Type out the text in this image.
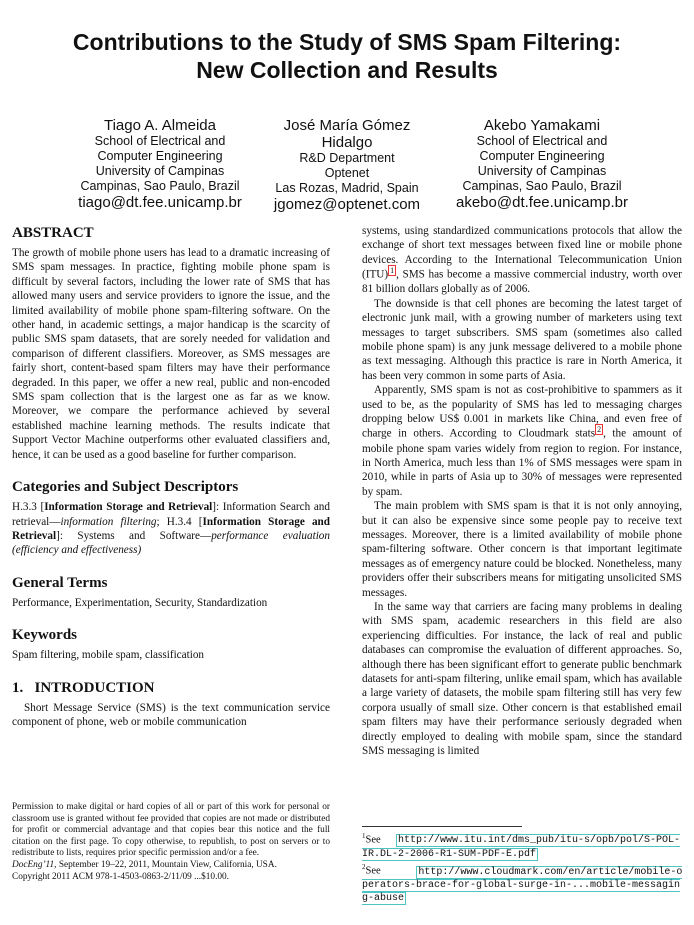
Contributions to the Study of SMS Spam Filtering:
New Collection and Results
Tiago A. Almeida
School of Electrical and
Computer Engineering
University of Campinas
Campinas, Sao Paulo, Brazil
tiago@dt.fee.unicamp.br
José María Gómez Hidalgo
R&D Department
Optenet
Las Rozas, Madrid, Spain
jgomez@optenet.com
Akebo Yamakami
School of Electrical and
Computer Engineering
University of Campinas
Campinas, Sao Paulo, Brazil
akebo@dt.fee.unicamp.br
ABSTRACT

The growth of mobile phone users has lead to a dramatic increasing of SMS spam messages. In practice, fighting mobile phone spam is difficult by several factors, including the lower rate of SMS that has allowed many users and service providers to ignore the issue, and the limited availability of mobile phone spam-filtering software. On the other hand, in academic settings, a major handicap is the scarcity of public SMS spam datasets, that are sorely needed for validation and comparison of different classifiers. Moreover, as SMS messages are fairly short, content-based spam filters may have their performance degraded. In this paper, we offer a new real, public and non-encoded SMS spam collection that is the largest one as far as we know. Moreover, we compare the performance achieved by several established machine learning methods. The results indicate that Support Vector Machine outperforms other evaluated classifiers and, hence, it can be used as a good baseline for further comparison.

Categories and Subject Descriptors

H.3.3 [Information Storage and Retrieval]: Information Search and retrieval—information filtering; H.3.4 [Information Storage and Retrieval]: Systems and Software—performance evaluation (efficiency and effectiveness)

General Terms

Performance, Experimentation, Security, Standardization

Keywords

Spam filtering, mobile spam, classification

1.   INTRODUCTION

Short Message Service (SMS) is the text communication service component of phone, web or mobile communication

Permission to make digital or hard copies of all or part of this work for personal or classroom use is granted without fee provided that copies are not made or distributed for profit or commercial advantage and that copies bear this notice and the full citation on the first page. To copy otherwise, to republish, to post on servers or to redistribute to lists, requires prior specific permission and/or a fee.

DocEng’11, September 19–22, 2011, Mountain View, California, USA.
Copyright 2011 ACM 978-1-4503-0863-2/11/09 ...$10.00.

systems, using standardized communications protocols that allow the exchange of short text messages between fixed line or mobile phone devices. According to the International Telecommunication Union (ITU) $^1$ , SMS has become a massive commercial industry, worth over 81 billion dollars globally as of 2006.

The downside is that cell phones are becoming the latest target of electronic junk mail, with a growing number of marketers using text messages to target subscribers. SMS spam (sometimes also called mobile phone spam) is any junk message delivered to a mobile phone as text messaging. Although this practice is rare in North America, it has been very common in some parts of Asia.

Apparently, SMS spam is not as cost-prohibitive to spammers as it used to be, as the popularity of SMS has led to messaging charges dropping below US$ 0.001 in markets like China, and even free of charge in others. According to Cloudmark stats $^2$ , the amount of mobile phone spam varies widely from region to region. For instance, in North America, much less than 1% of SMS messages were spam in 2010, while in parts of Asia up to 30% of messages were represented by spam.

The main problem with SMS spam is that it is not only annoying, but it can also be expensive since some people pay to receive text messages. Moreover, there is a limited availability of mobile phone spam-filtering software. Other concern is that important legitimate messages as of emergency nature could be blocked. Nonetheless, many providers offer their subscribers means for mitigating unsolicited SMS messages.

In the same way that carriers are facing many problems in dealing with SMS spam, academic researchers in this field are also experiencing difficulties. For instance, the lack of real and public databases can compromise the evaluation of different approaches. So, although there has been significant effort to generate public benchmark datasets for anti-spam filtering, unlike email spam, which has available a large variety of datasets, the mobile spam filtering still has very few corpora usually of small size. Other concern is that established email spam filters may have their performance seriously degraded when directly employed to dealing with mobile spam, since the standard SMS messaging is limited

$^1$See http://www.itu.int/dms_pub/itu-s/opb/pol/S-POL-IR.DL-2-2006-R1-SUM-PDF-E.pdf
$^2$See	http://www.cloudmark.com/en/article/mobile-operators-brace-for-global-surge-in-...mobile-messaging-abuse
